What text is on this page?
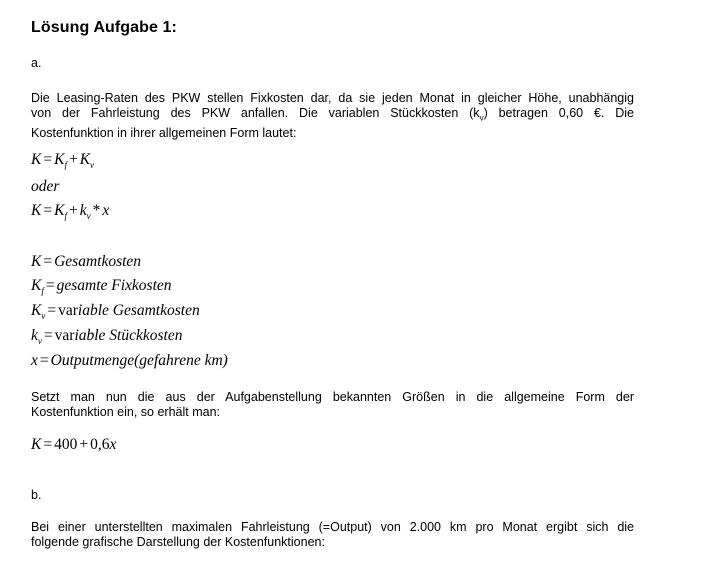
Lösung Aufgabe 1:
a.
Die Leasing-Raten des PKW stellen Fixkosten dar, da sie jeden Monat in gleicher Höhe, unabhängig
von der Fahrleistung des PKW anfallen. Die variablen Stückkosten $(k_v)$ betragen 0,60 €. Die
Kostenfunktion in ihrer allgemeinen Form lautet:
$K = K_f + K_v$
oder
$K = K_f + k_v * x$
K = Gesamtkosten
$K_f$ = gesamte Fixkosten
$K_v$ = variable Gesamtkosten
$k_v$ = variable Stückkosten
x = Outputmenge(gefahrene km)
Setzt man nun die aus der Aufgabenstellung bekannten Größen in die allgemeine Form der
Kostenfunktion ein, so erhält man:
K = 400 + 0,6x
b.
Bei einer unterstellten maximalen Fahrleistung (=Output) von 2.000 km pro Monat ergibt sich die
folgende grafische Darstellung der Kostenfunktionen:
